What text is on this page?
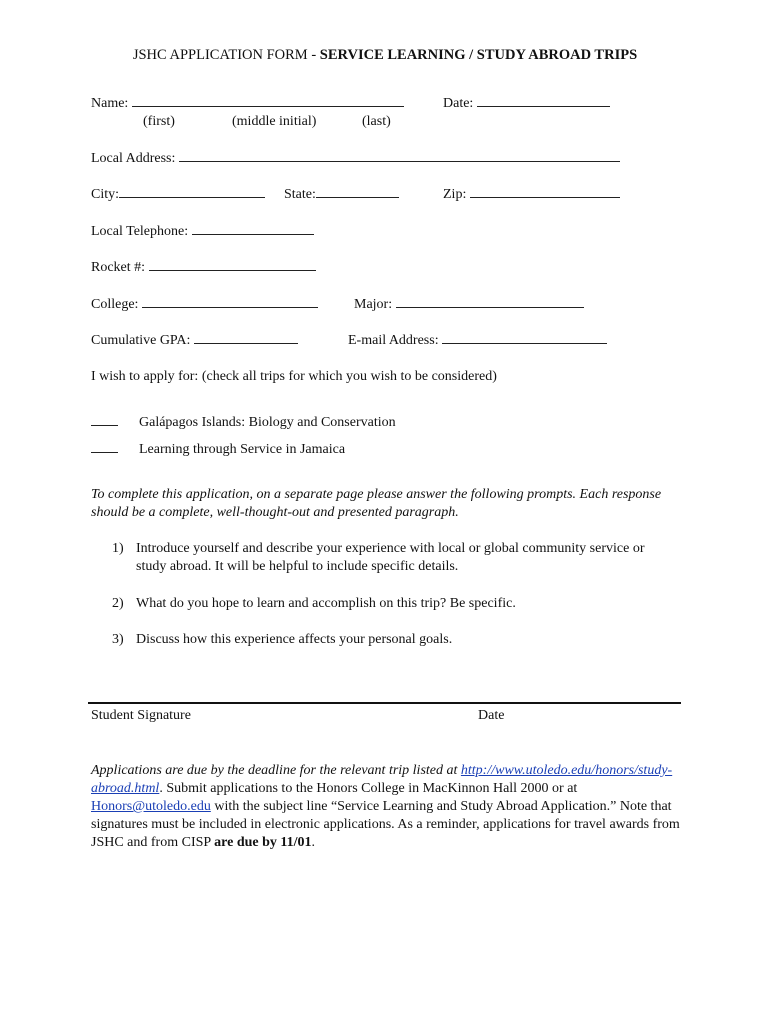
JSHC APPLICATION FORM - SERVICE LEARNING / STUDY ABROAD TRIPS
Name:	Date:
(first)	(middle initial)	(last)
Local Address:
City:	State:	Zip:
Local Telephone:
Rocket #:
College:	Major:
Cumulative GPA:	E-mail Address:
I wish to apply for: (check all trips for which you wish to be considered)
Galápagos Islands: Biology and Conservation
Learning through Service in Jamaica
To complete this application, on a separate page please answer the following prompts. Each response should be a complete, well-thought-out and presented paragraph.
1) Introduce yourself and describe your experience with local or global community service or study abroad. It will be helpful to include specific details.
2) What do you hope to learn and accomplish on this trip? Be specific.
3) Discuss how this experience affects your personal goals.
Student Signature	Date
Applications are due by the deadline for the relevant trip listed at http://www.utoledo.edu/honors/study-abroad.html. Submit applications to the Honors College in MacKinnon Hall 2000 or at Honors@utoledo.edu with the subject line “Service Learning and Study Abroad Application.” Note that signatures must be included in electronic applications. As a reminder, applications for travel awards from JSHC and from CISP are due by 11/01.
